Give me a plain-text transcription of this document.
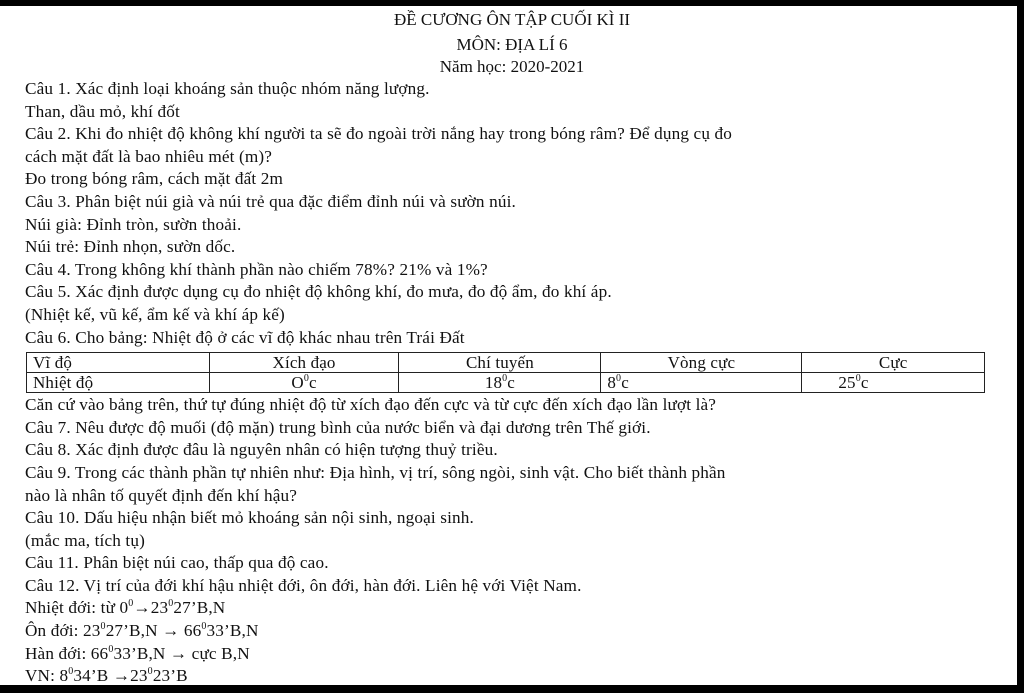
ĐỀ CƯƠNG ÔN TẬP CUỐI KÌ II
MÔN: ĐỊA LÍ 6
Năm học: 2020-2021
Câu 1. Xác định loại khoáng sản thuộc nhóm năng lượng.
Than, dầu mỏ, khí đốt
Câu 2. Khi đo nhiệt độ không khí người ta sẽ đo ngoài trời nắng hay trong bóng râm? Để dụng cụ đo
cách mặt đất là bao nhiêu mét (m)?
Đo trong bóng râm, cách mặt đất 2m
Câu 3. Phân biệt núi già và núi trẻ qua đặc điểm đỉnh núi và sườn núi.
Núi già: Đỉnh tròn, sườn thoải.
Núi trẻ: Đỉnh nhọn, sườn dốc.
Câu 4. Trong không khí thành phần nào chiếm 78%? 21% và 1%?
Câu 5. Xác định được dụng cụ đo nhiệt độ không khí, đo mưa, đo độ ẩm, đo khí áp.
(Nhiệt kế, vũ kế, ẩm kế và khí áp kế)
Câu 6. Cho bảng: Nhiệt độ ở các vĩ độ khác nhau trên Trái Đất
Vĩ độ	Xích đạo	Chí tuyến	Vòng cực	Cực
Nhiệt độ	$O^0c$	$18^0c$	$8^0c$	$25^0c$
Căn cứ vào bảng trên, thứ tự đúng nhiệt độ từ xích đạo đến cực và từ cực đến xích đạo lần lượt là?
Câu 7. Nêu được độ muối (độ mặn) trung bình của nước biển và đại dương trên Thế giới.
Câu 8. Xác định được đâu là nguyên nhân có hiện tượng thuỷ triều.
Câu 9. Trong các thành phần tự nhiên như: Địa hình, vị trí, sông ngòi, sinh vật. Cho biết thành phần
nào là nhân tố quyết định đến khí hậu?
Câu 10. Dấu hiệu nhận biết mỏ khoáng sản nội sinh, ngoại sinh.
(mắc ma, tích tụ)
Câu 11. Phân biệt núi cao, thấp qua độ cao.
Câu 12. Vị trí của đới khí hậu nhiệt đới, ôn đới, hàn đới. Liên hệ với Việt Nam.
Nhiệt đới: từ $0^0\to 23^027’B,N$
Ôn đới: $23^027’B,N$ → $66^033’B,N$
Hàn đới: $66^033’B,N$ → cực B,N
VN: $8^034’B$ $\to 23^023’B$
